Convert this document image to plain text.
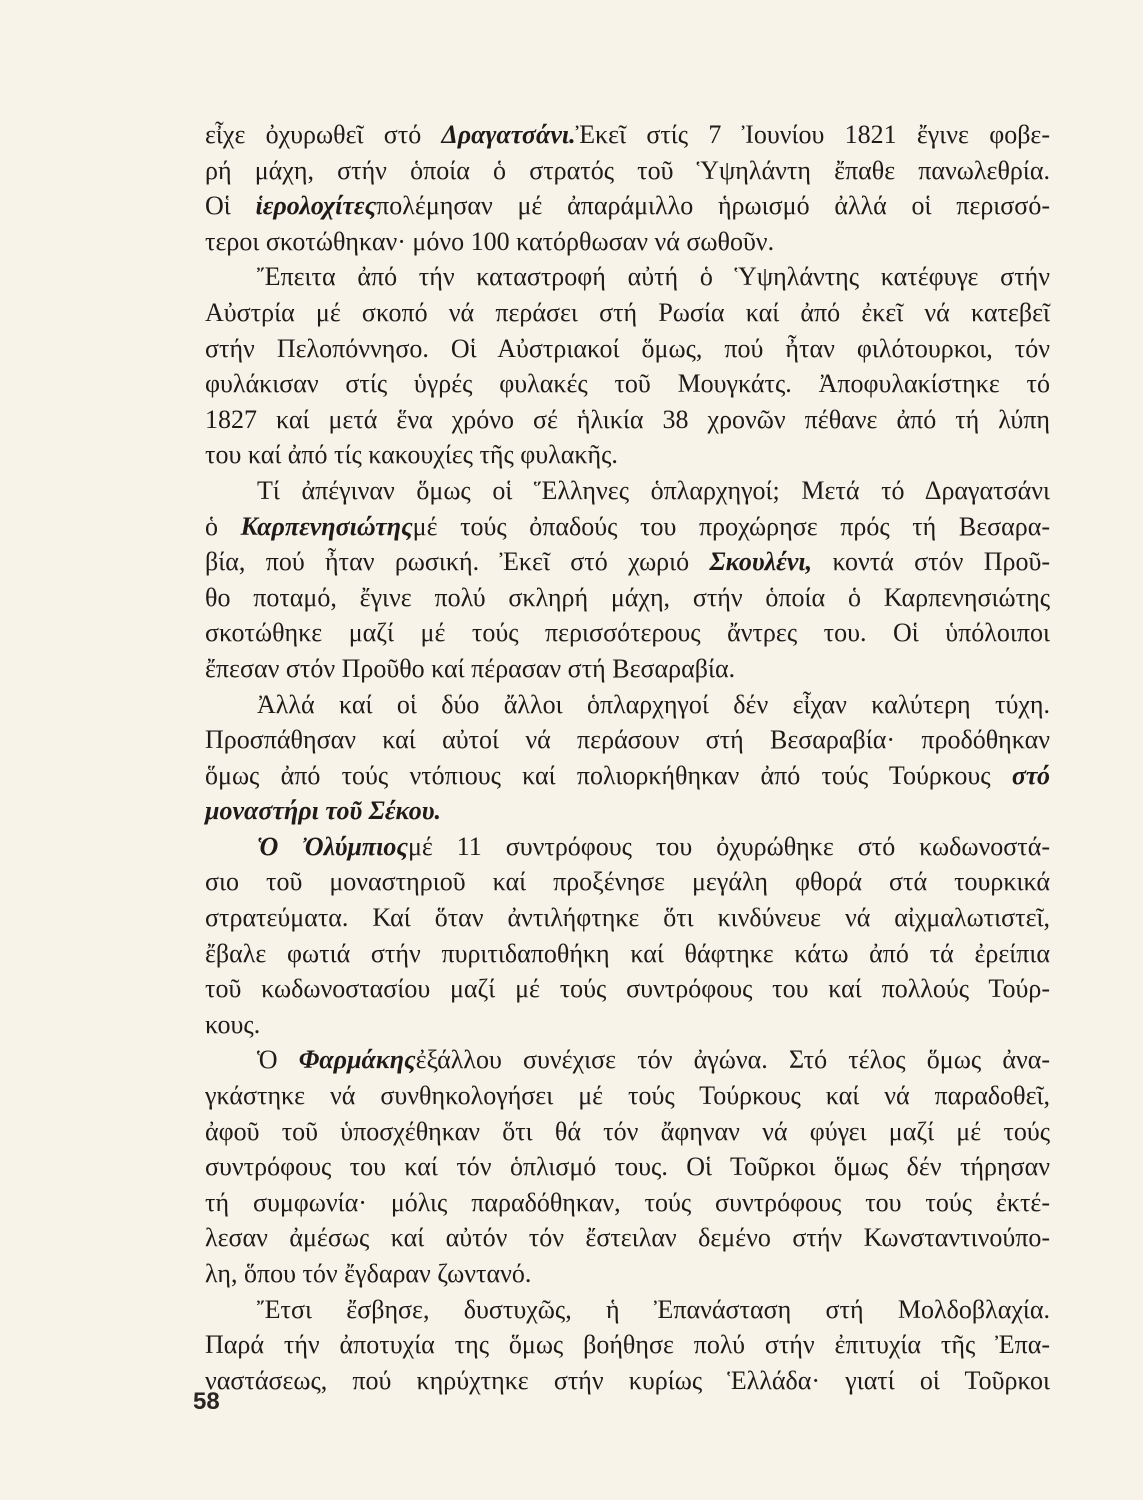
εἶχε ὀχυρωθεῖ στό Δραγατσάνι.Ἐκεῖ στίς 7 Ἰουνίου 1821 ἔγινε φοβε-
ρή μάχη, στήν ὁποία ὁ στρατός τοῦ Ὑψηλάντη ἔπαθε πανωλεθρία.
Οἱ ἱερολοχίτεςπολέμησαν μέ ἀπαράμιλλο ἡρωισμό ἀλλά οἱ περισσό-
τεροι σκοτώθηκαν· μόνο 100 κατόρθωσαν νά σωθοῦν.
Ἔπειτα ἀπό τήν καταστροφή αὐτή ὁ Ὑψηλάντης κατέφυγε στήν
Αὐστρία μέ σκοπό νά περάσει στή Ρωσία καί ἀπό ἐκεῖ νά κατεβεῖ
στήν Πελοπόννησο. Οἱ Αὐστριακοί ὅμως, πού ἦταν φιλότουρκοι, τόν
φυλάκισαν στίς ὑγρές φυλακές τοῦ Μουγκάτς. Ἀποφυλακίστηκε τό
1827 καί μετά ἕνα χρόνο σέ ἡλικία 38 χρονῶν πέθανε ἀπό τή λύπη
του καί ἀπό τίς κακουχίες τῆς φυλακῆς.
Τί ἀπέγιναν ὅμως οἱ Ἕλληνες ὁπλαρχηγοί; Μετά τό Δραγατσάνι
ὁ Καρπενησιώτηςμέ τούς ὀπαδούς του προχώρησε πρός τή Βεσαρα-
βία, πού ἦταν ρωσική. Ἐκεῖ στό χωριό Σκουλένι, κοντά στόν Προῦ-
θο ποταμό, ἔγινε πολύ σκληρή μάχη, στήν ὁποία ὁ Καρπενησιώτης
σκοτώθηκε μαζί μέ τούς περισσότερους ἄντρες του. Οἱ ὑπόλοιποι
ἔπεσαν στόν Προῦθο καί πέρασαν στή Βεσαραβία.
Ἀλλά καί οἱ δύο ἄλλοι ὁπλαρχηγοί δέν εἶχαν καλύτερη τύχη.
Προσπάθησαν καί αὐτοί νά περάσουν στή Βεσαραβία· προδόθηκαν
ὅμως ἀπό τούς ντόπιους καί πολιορκήθηκαν ἀπό τούς Τούρκους στό
μοναστήρι τοῦ Σέκου.
Ὁ Ὀλύμπιοςμέ 11 συντρόφους του ὀχυρώθηκε στό κωδωνοστά-
σιο τοῦ μοναστηριοῦ καί προξένησε μεγάλη φθορά στά τουρκικά
στρατεύματα. Καί ὅταν ἀντιλήφτηκε ὅτι κινδύνευε νά αἰχμαλωτιστεῖ,
ἔβαλε φωτιά στήν πυριτιδαποθήκη καί θάφτηκε κάτω ἀπό τά ἐρείπια
τοῦ κωδωνοστασίου μαζί μέ τούς συντρόφους του καί πολλούς Τούρ-
κους.
Ὁ Φαρμάκηςἐξάλλου συνέχισε τόν ἀγώνα. Στό τέλος ὅμως ἀνα-
γκάστηκε νά συνθηκολογήσει μέ τούς Τούρκους καί νά παραδοθεῖ,
ἀφοῦ τοῦ ὑποσχέθηκαν ὅτι θά τόν ἄφηναν νά φύγει μαζί μέ τούς
συντρόφους του καί τόν ὁπλισμό τους. Οἱ Τοῦρκοι ὅμως δέν τήρησαν
τή συμφωνία· μόλις παραδόθηκαν, τούς συντρόφους του τούς ἐκτέ-
λεσαν ἀμέσως καί αὐτόν τόν ἔστειλαν δεμένο στήν Κωνσταντινούπο-
λη, ὅπου τόν ἔγδαραν ζωντανό.
Ἔτσι ἔσβησε, δυστυχῶς, ἡ Ἐπανάσταση στή Μολδοβλαχία.
Παρά τήν ἀποτυχία της ὅμως βοήθησε πολύ στήν ἐπιτυχία τῆς Ἐπα-
ναστάσεως, πού κηρύχτηκε στήν κυρίως Ἑλλάδα· γιατί οἱ Τοῦρκοι
58
